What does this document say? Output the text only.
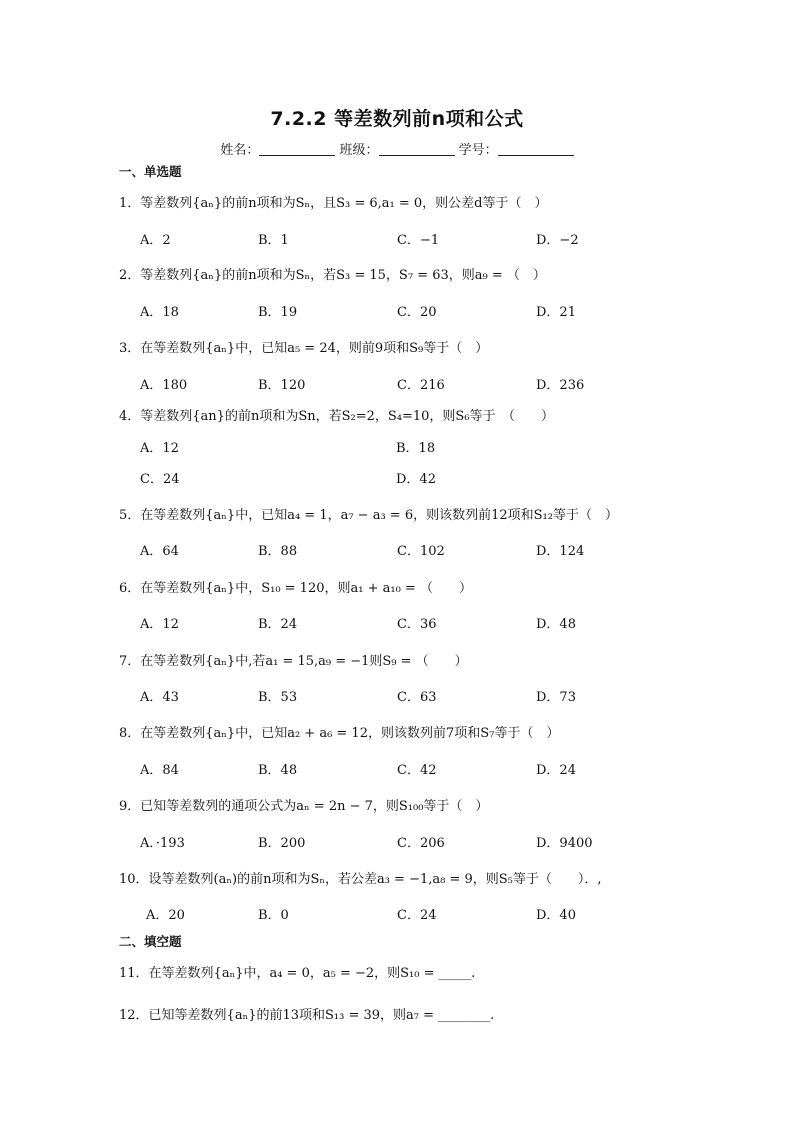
7.2.2 等差数列前n项和公式
姓名：	班级：	学号：
一、单选题
1．等差数列{aₙ}的前n项和为Sₙ，且S₃ = 6,a₁ = 0，则公差d等于（　）
A．2	B．1	C．−1	D．−2
2．等差数列{aₙ}的前n项和为Sₙ，若S₃ = 15，S₇ = 63，则a₉ = （　）
A．18	B．19	C．20	D．21
3．在等差数列{aₙ}中，已知a₅ = 24，则前9项和S₉等于（　）
A．180	B．120	C．216	D．236
4．等差数列{an}的前n项和为Sn，若S₂=2，S₄=10，则S₆等于　（　　）
A．12	B．18
C．24	D．42
5．在等差数列{aₙ}中，已知a₄ = 1，a₇ − a₃ = 6，则该数列前12项和S₁₂等于（　）
A．64	B．88	C．102	D．124
6．在等差数列{aₙ}中，S₁₀ = 120，则a₁ + a₁₀ = （　　）
A．12	B．24	C．36	D．48
7．在等差数列{aₙ}中,若a₁ = 15,a₉ = −1则S₉ = （　　）
A．43	B．53	C．63	D．73
8．在等差数列{aₙ}中，已知a₂ + a₆ = 12，则该数列前7项和S₇等于（　）
A．84	B．48	C．42	D．24
9．已知等差数列的通项公式为aₙ = 2n − 7，则S₁₀₀等于（　）
A．·193	B．200	C．206	D．9400
10．设等差数列(aₙ)的前n项和为Sₙ，若公差a₃ = −1,a₈ = 9，则S₅等于（　　）．,
A．20	B．0	C．24	D．40
二、填空题
11．在等差数列{aₙ}中，a₄ = 0，a₅ = −2，则S₁₀ = _____.
12．已知等差数列{aₙ}的前13项和S₁₃ = 39，则a₇ = ________.
